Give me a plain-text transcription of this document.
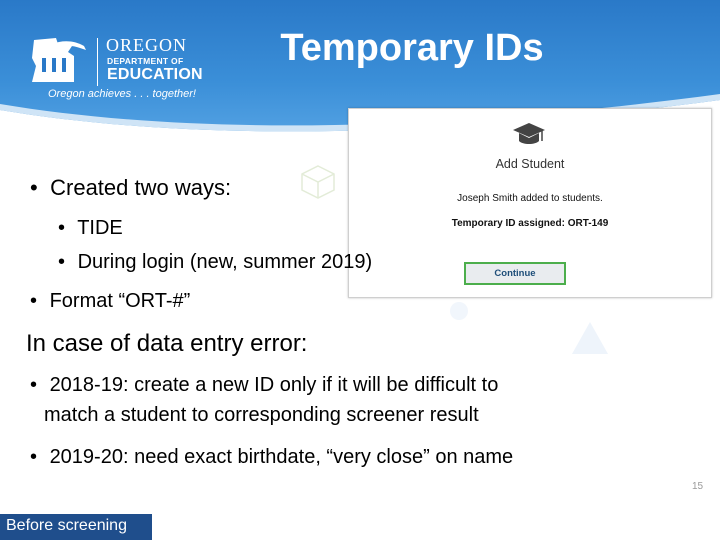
OREGON
DEPARTMENT OF
EDUCATION
Oregon achieves . . . together!
Temporary IDs
Add Student
Joseph Smith added to students.
Temporary ID assigned: ORT-149
Continue
• Created two ways:
• TIDE
• During login (new, summer 2019)
• Format “ORT-#”
In case of data entry error:
• 2018-19: create a new ID only if it will be difficult to
match a student to corresponding screener result
• 2019-20: need exact birthdate, “very close” on name
15
Before screening
